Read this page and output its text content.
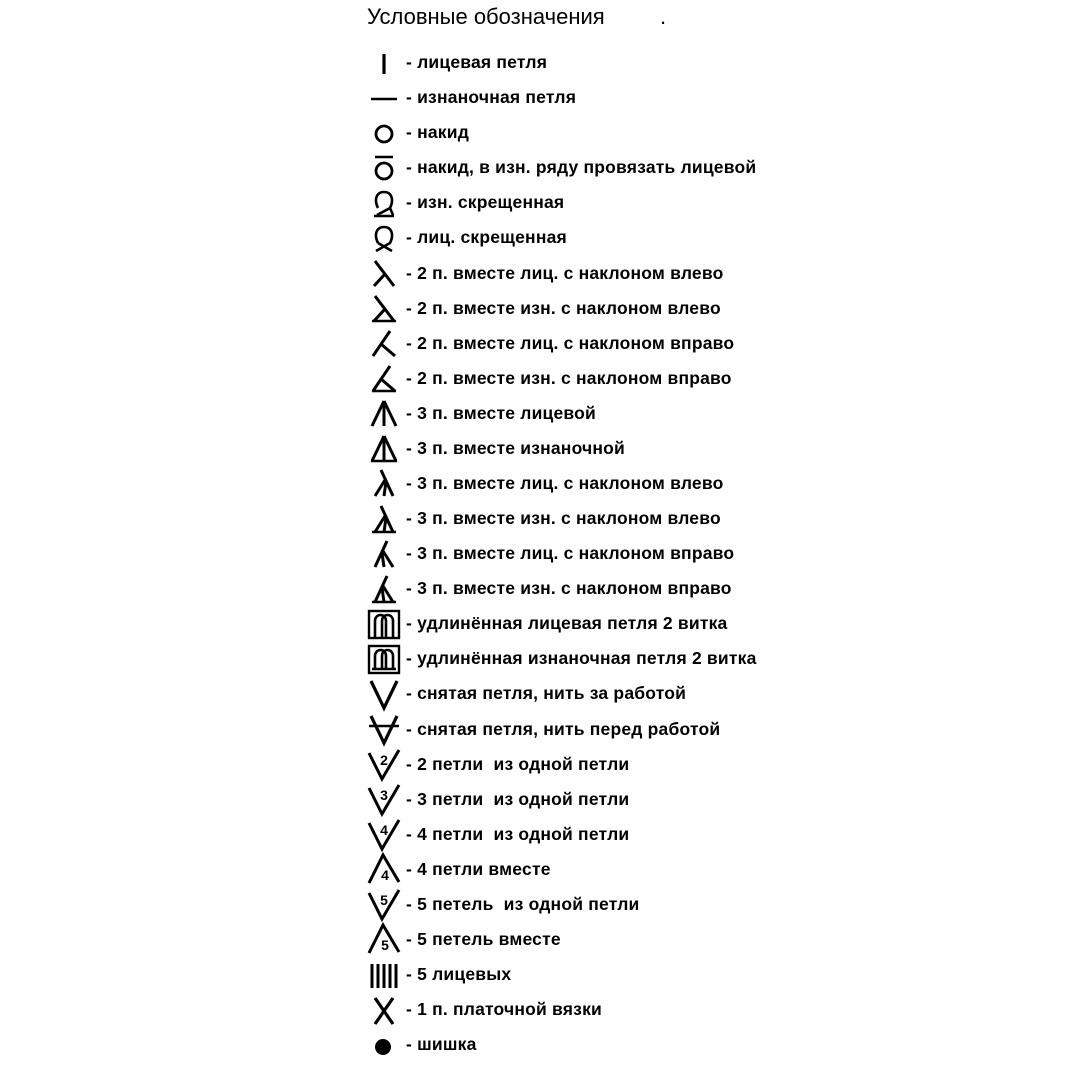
Условные обозначения	.
- лицевая петля
- изнаночная петля
- накид
- накид, в изн. ряду провязать лицевой
- изн. скрещенная
- лиц. скрещенная
- 2 п. вместе лиц. с наклоном влево
- 2 п. вместе изн. с наклоном влево
- 2 п. вместе лиц. с наклоном вправо
- 2 п. вместе изн. с наклоном вправо
- 3 п. вместе лицевой
- 3 п. вместе изнаночной
- 3 п. вместе лиц. с наклоном влево
- 3 п. вместе изн. с наклоном влево
- 3 п. вместе лиц. с наклоном вправо
- 3 п. вместе изн. с наклоном вправо
- удлинённая лицевая петля 2 витка
- удлинённая изнаночная петля 2 витка
- снятая петля, нить за работой
- снятая петля, нить перед работой
2 - 2 петли  из одной петли
3 - 3 петли  из одной петли
4 - 4 петли  из одной петли
4 - 4 петли вместе
5 - 5 петель  из одной петли
5 - 5 петель вместе
- 5 лицевых
- 1 п. платочной вязки
- шишка
